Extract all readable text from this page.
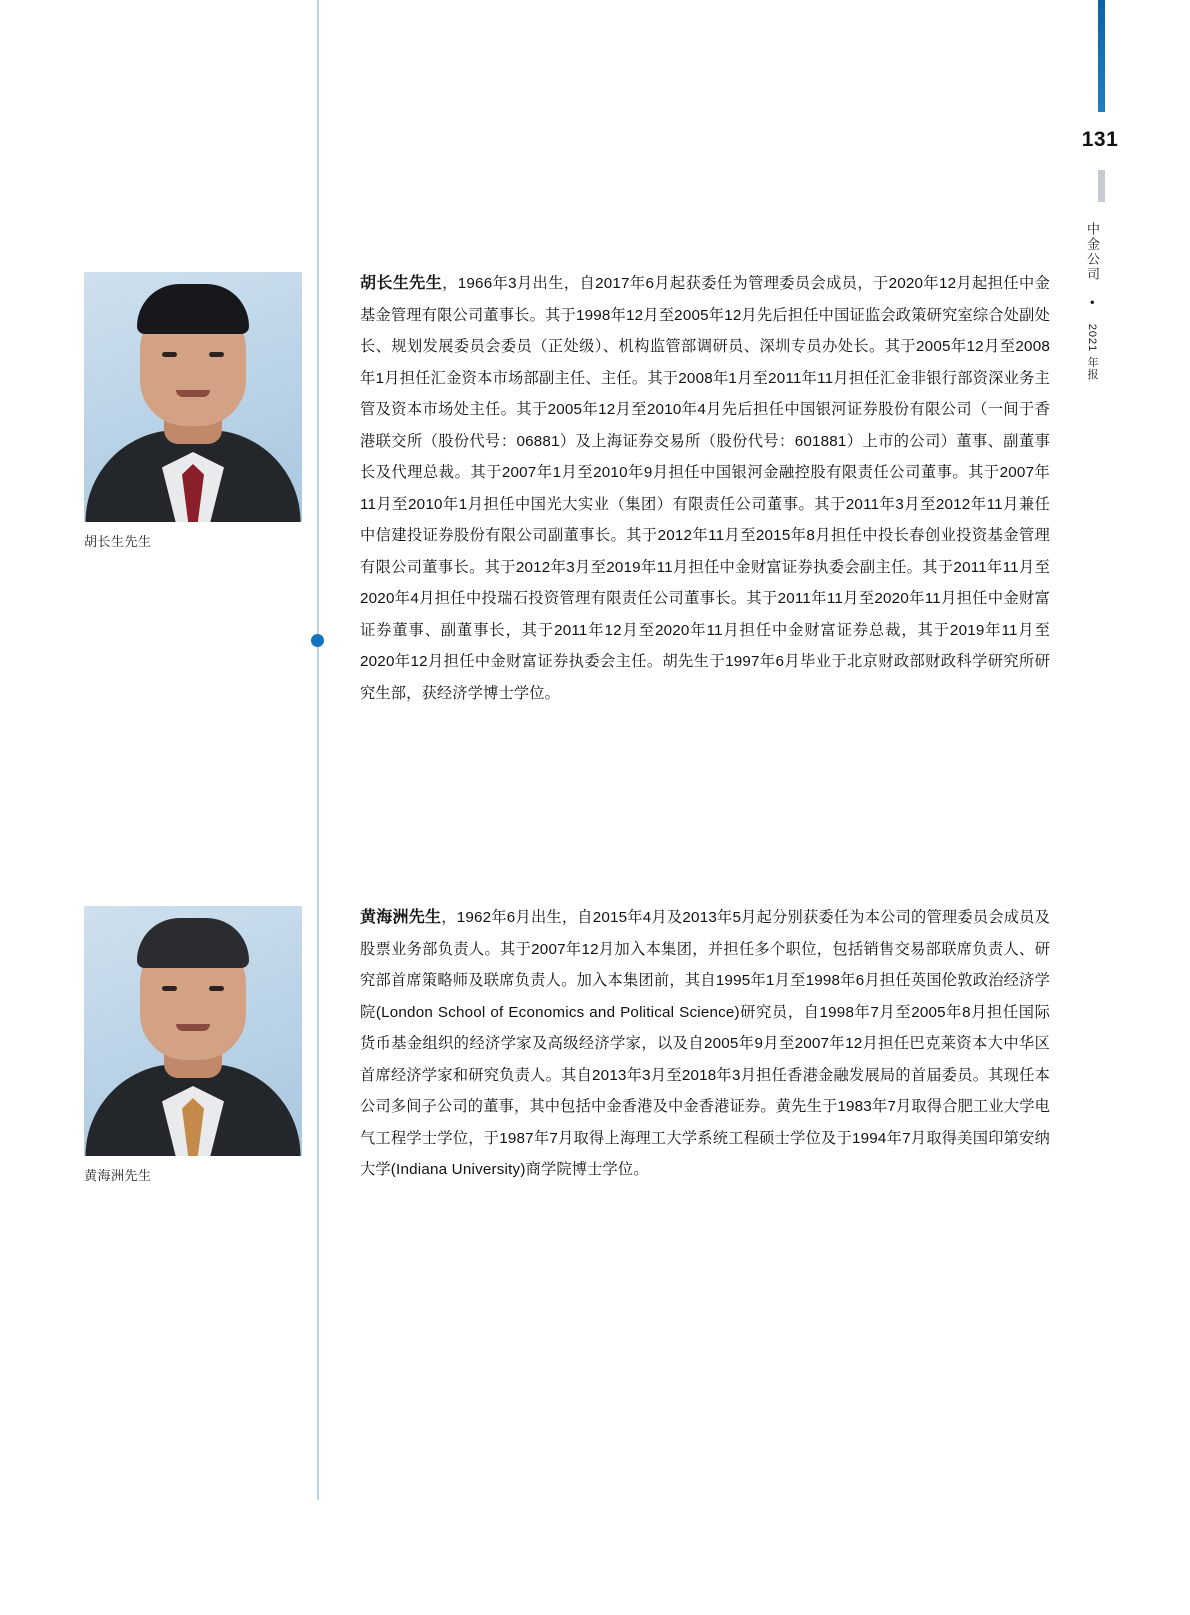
131
中金公司 • 2021 年报
胡长生先生
胡长生先生，1966年3月出生，自2017年6月起获委任为管理委员会成员，于2020年12月起担任中金基金管理有限公司董事长。其于1998年12月至2005年12月先后担任中国证监会政策研究室综合处副处长、规划发展委员会委员（正处级）、机构监管部调研员、深圳专员办处长。其于2005年12月至2008年1月担任汇金资本市场部副主任、主任。其于2008年1月至2011年11月担任汇金非银行部资深业务主管及资本市场处主任。其于2005年12月至2010年4月先后担任中国银河证券股份有限公司（一间于香港联交所（股份代号：06881）及上海证券交易所（股份代号：601881）上市的公司）董事、副董事长及代理总裁。其于2007年1月至2010年9月担任中国银河金融控股有限责任公司董事。其于2007年11月至2010年1月担任中国光大实业（集团）有限责任公司董事。其于2011年3月至2012年11月兼任中信建投证券股份有限公司副董事长。其于2012年11月至2015年8月担任中投长春创业投资基金管理有限公司董事长。其于2012年3月至2019年11月担任中金财富证券执委会副主任。其于2011年11月至2020年4月担任中投瑞石投资管理有限责任公司董事长。其于2011年11月至2020年11月担任中金财富证券董事、副董事长，其于2011年12月至2020年11月担任中金财富证券总裁，其于2019年11月至2020年12月担任中金财富证券执委会主任。胡先生于1997年6月毕业于北京财政部财政科学研究所研究生部，获经济学博士学位。
黄海洲先生
黄海洲先生，1962年6月出生，自2015年4月及2013年5月起分别获委任为本公司的管理委员会成员及股票业务部负责人。其于2007年12月加入本集团，并担任多个职位，包括销售交易部联席负责人、研究部首席策略师及联席负责人。加入本集团前，其自1995年1月至1998年6月担任英国伦敦政治经济学院(London School of Economics and Political Science)研究员，自1998年7月至2005年8月担任国际货币基金组织的经济学家及高级经济学家，以及自2005年9月至2007年12月担任巴克莱资本大中华区首席经济学家和研究负责人。其自2013年3月至2018年3月担任香港金融发展局的首届委员。其现任本公司多间子公司的董事，其中包括中金香港及中金香港证券。黄先生于1983年7月取得合肥工业大学电气工程学士学位，于1987年7月取得上海理工大学系统工程硕士学位及于1994年7月取得美国印第安纳大学(Indiana University)商学院博士学位。
